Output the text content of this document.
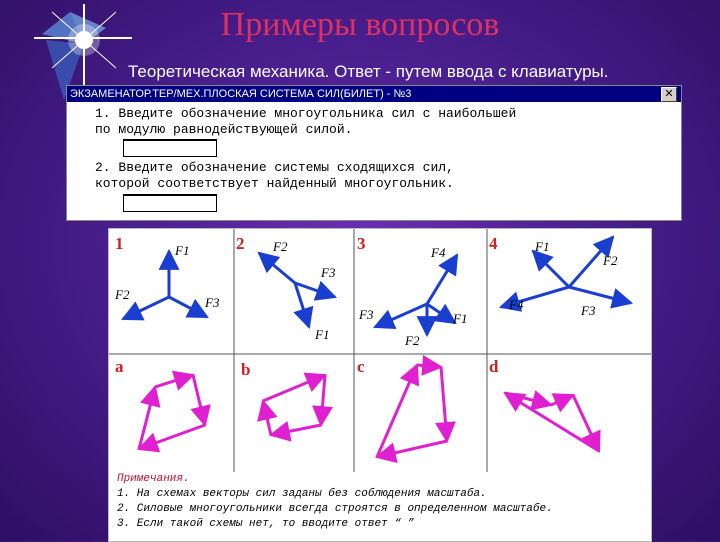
Примеры вопросов
Теоретическая механика. Ответ - путем ввода с клавиатуры.
ЭКЗАМЕНАТОР.ТЕР/МЕХ.ПЛОСКАЯ СИСТЕМА СИЛ(БИЛЕТ) - №3	✕
1. Введите обозначение многоугольника сил с наибольшей
по модулю равнодействующей силой.
2. Введите обозначение системы сходящихся сил,
которой соответствует найденный многоугольник.
1	2	3	4
a	b	c	d
F1
F2
F3
F2
F3
F1
F4
F3	F1
F2
F1
F2
F4	F3
Примечания.
1. На схемах векторы сил заданы без соблюдения масштаба.
2. Силовые многоугольники всегда строятся в определенном масштабе.
3. Если такой схемы нет, то вводите ответ “ ”
